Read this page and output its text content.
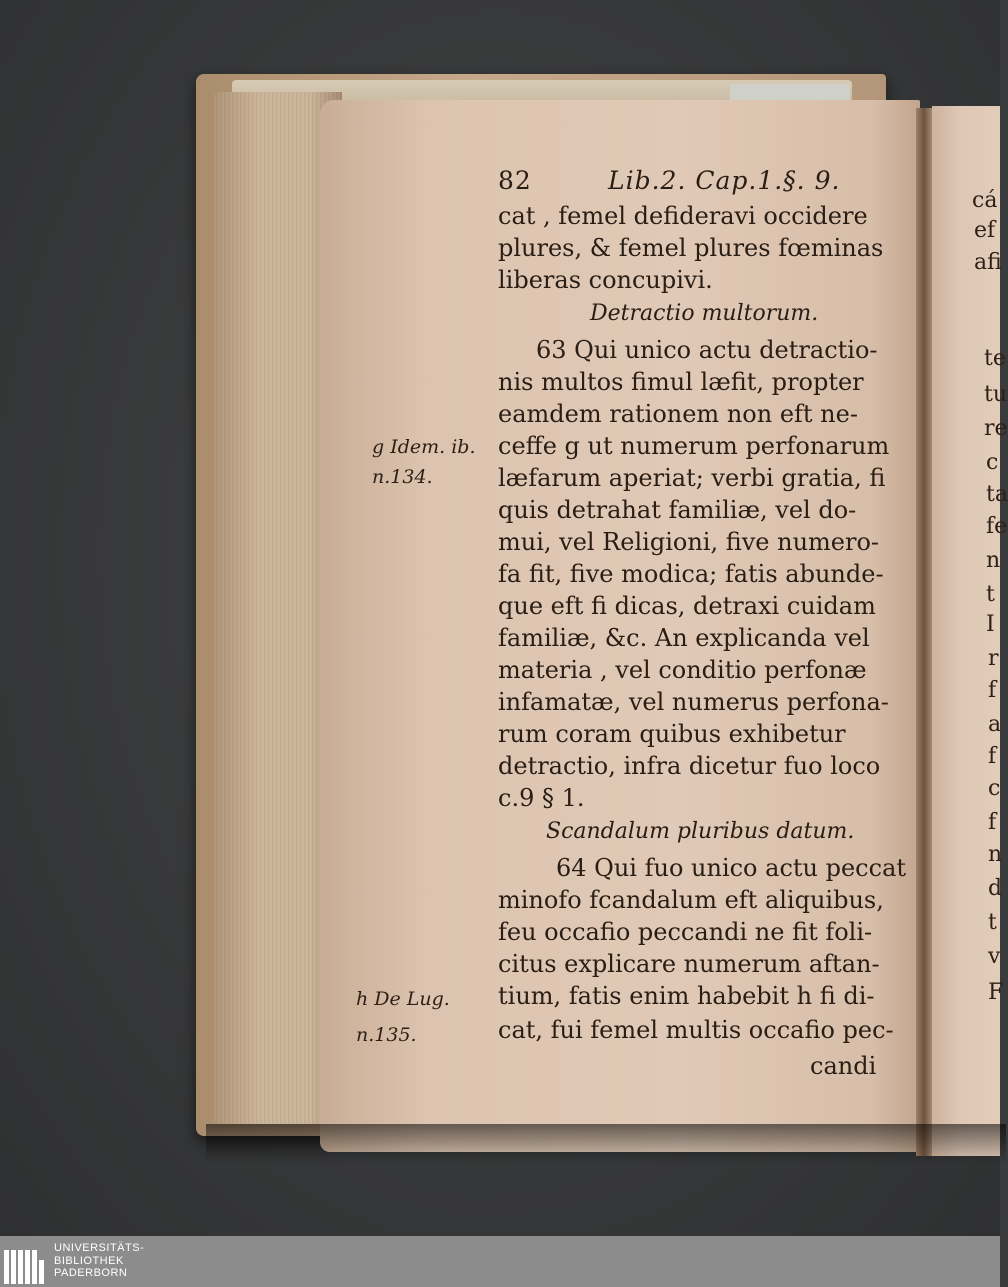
82	Lib.2. Cap.1.§. 9.
cat , femel defideravi occidere
plures, & femel plures fœminas
liberas concupivi.
Detractio multorum.
63 Qui unico actu detractio-
nis multos fimul læfit, propter
eamdem rationem non eft ne-
ceffe g ut numerum perfonarum
læfarum aperiat; verbi gratia, fi
quis detrahat familiæ, vel do-
mui, vel Religioni, five numero-
fa fit, five modica; fatis abunde-
que eft fi dicas, detraxi cuidam
familiæ, &c. An explicanda vel
materia , vel conditio perfonæ
infamatæ, vel numerus perfona-
rum coram quibus exhibetur
detractio, infra dicetur fuo loco
c.9 § 1.
Scandalum pluribus datum.
64 Qui fuo unico actu peccat
minofo fcandalum eft aliquibus,
feu occafio peccandi ne fit foli-
citus explicare numerum aftan-
tium, fatis enim habebit h fi di-
cat, fui femel multis occafio pec-
candi
g Idem. ib.
n.134.
h De Lug.
n.135.
cá
ef
afi
te
tu
re
c
ta
fe
n
t
I
r
f
a
f
c
f
n
d
t
v
F
UNIVERSITÄTS-
BIBLIOTHEK
PADERBORN
